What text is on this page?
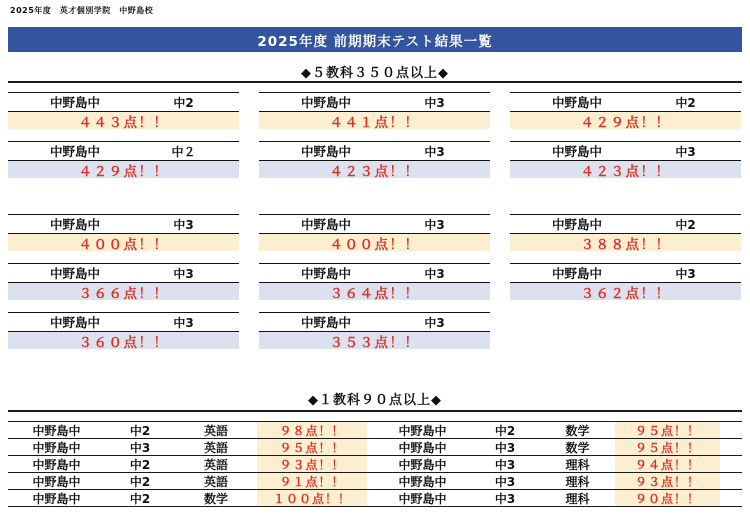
2025年度　英才個別学院　中野島校
2025年度 前期期末テスト結果一覧
◆５教科３５０点以上◆
中野島中	中2
４４３点！！
中野島中	中3
４４１点！！
中野島中	中2
４２９点！！
中野島中	中２
４２９点！！
中野島中	中3
４２３点！！
中野島中	中3
４２３点！！
中野島中	中3
４００点！！
中野島中	中3
４００点！！
中野島中	中2
３８８点！！
中野島中	中3
３６６点！！
中野島中	中3
３６４点！！
中野島中	中3
３６２点！！
中野島中	中3
３６０点！！
中野島中	中3
３５３点！！
◆１教科９０点以上◆
中野島中	中2	英語	９８点！！	中野島中	中2	数学	９５点！！
中野島中	中3	英語	９５点！！	中野島中	中3	数学	９５点！！
中野島中	中2	英語	９３点！！	中野島中	中3	理科	９４点！！
中野島中	中2	英語	９１点！！	中野島中	中3	理科	９３点！！
中野島中	中2	数学	１００点！！	中野島中	中3	理科	９０点！！
